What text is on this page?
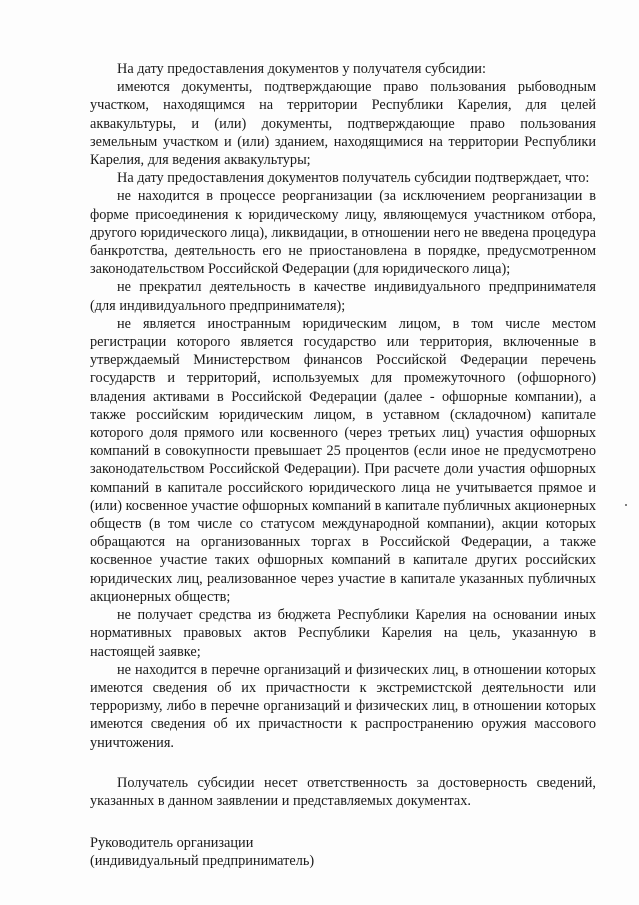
На дату предоставления документов у получателя субсидии:

имеются документы, подтверждающие право пользования рыбоводным участком, находящимся на территории Республики Карелия, для целей аквакультуры, и (или) документы, подтверждающие право пользования земельным участком и (или) зданием, находящимися на территории Республики Карелия, для ведения аквакультуры;

На дату предоставления документов получатель субсидии подтверждает, что:

не находится в процессе реорганизации (за исключением реорганизации в форме присоединения к юридическому лицу, являющемуся участником отбора, другого юридического лица), ликвидации, в отношении него не введена процедура банкротства, деятельность его не приостановлена в порядке, предусмотренном законодательством Российской Федерации (для юридического лица);

не прекратил деятельность в качестве индивидуального предпринимателя (для индивидуального предпринимателя);

не является иностранным юридическим лицом, в том числе местом регистрации которого является государство или территория, включенные в утверждаемый Министерством финансов Российской Федерации перечень государств и территорий, используемых для промежуточного (офшорного) владения активами в Российской Федерации (далее - офшорные компании), а также российским юридическим лицом, в уставном (складочном) капитале которого доля прямого или косвенного (через третьих лиц) участия офшорных компаний в совокупности превышает 25 процентов (если иное не предусмотрено законодательством Российской Федерации). При расчете доли участия офшорных компаний в капитале российского юридического лица не учитывается прямое и (или) косвенное участие офшорных компаний в капитале публичных акционерных обществ (в том числе со статусом международной компании), акции которых обращаются на организованных торгах в Российской Федерации, а также косвенное участие таких офшорных компаний в капитале других российских юридических лиц, реализованное через участие в капитале указанных публичных акционерных обществ;

не получает средства из бюджета Республики Карелия на основании иных нормативных правовых актов Республики Карелия на цель, указанную в настоящей заявке;

не находится в перечне организаций и физических лиц, в отношении которых имеются сведения об их причастности к экстремистской деятельности или терроризму, либо в перечне организаций и физических лиц, в отношении которых имеются сведения об их причастности к распространению оружия массового уничтожения.

Получатель субсидии несет ответственность за достоверность сведений, указанных в данном заявлении и представляемых документах.

Руководитель организации

(индивидуальный предприниматель)
